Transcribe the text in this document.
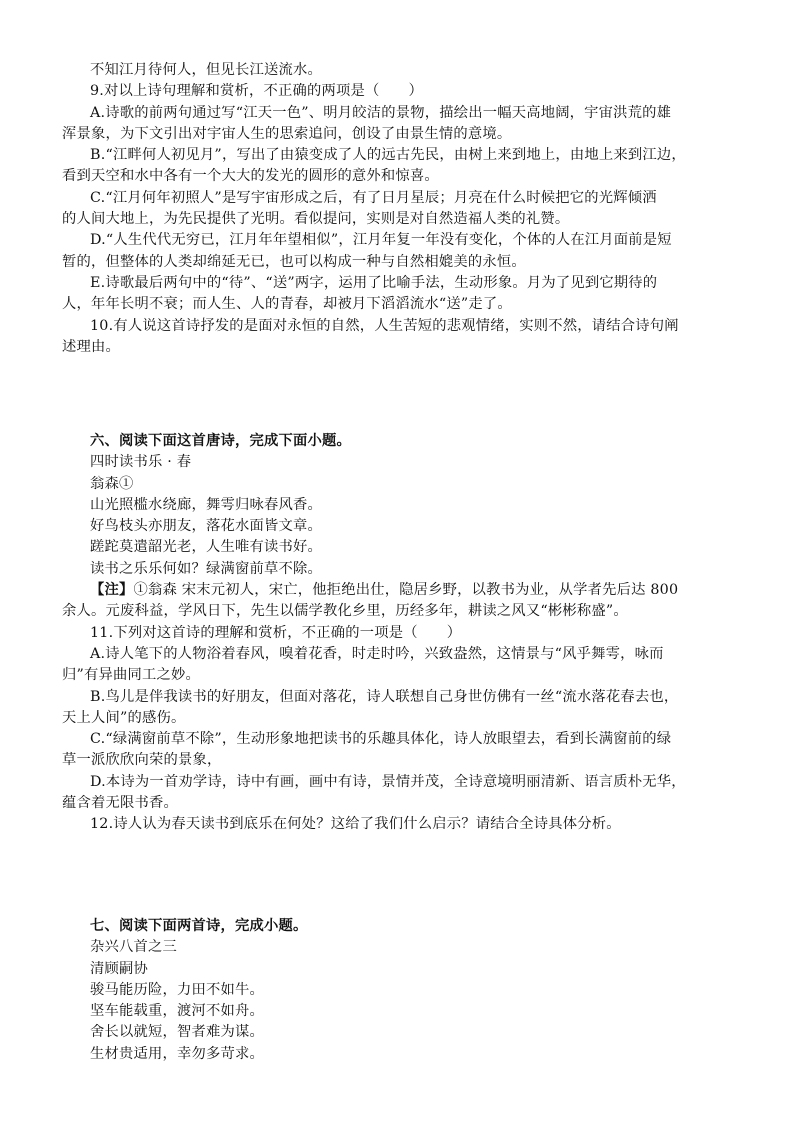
不知江月待何人，但见长江送流水。
9.对以上诗句理解和赏析，不正确的两项是（　　）
A.诗歌的前两句通过写“江天一色”、明月皎洁的景物，描绘出一幅天高地阔，宇宙洪荒的雄
浑景象，为下文引出对宇宙人生的思索追问，创设了由景生情的意境。
B.“江畔何人初见月”，写出了由猿变成了人的远古先民，由树上来到地上，由地上来到江边，
看到天空和水中各有一个大大的发光的圆形的意外和惊喜。
C.“江月何年初照人”是写宇宙形成之后，有了日月星辰；月亮在什么时候把它的光辉倾洒
的人间大地上，为先民提供了光明。看似提问，实则是对自然造福人类的礼赞。
D.“人生代代无穷已，江月年年望相似”，江月年复一年没有变化，个体的人在江月面前是短
暂的，但整体的人类却绵延无已，也可以构成一种与自然相媲美的永恒。
E.诗歌最后两句中的“待”、“送”两字，运用了比喻手法，生动形象。月为了见到它期待的
人，年年长明不衰；而人生、人的青春，却被月下滔滔流水“送”走了。
10.有人说这首诗抒发的是面对永恒的自然，人生苦短的悲观情绪，实则不然，请结合诗句阐
述理由。
六、阅读下面这首唐诗，完成下面小题。
四时读书乐 · 春
翁森①
山光照槛水绕廊，舞雩归咏春风香。
好鸟枝头亦朋友，落花水面皆文章。
蹉跎莫遣韶光老，人生唯有读书好。
读书之乐乐何如？绿满窗前草不除。
【注】①翁森 宋末元初人，宋亡，他拒绝出仕，隐居乡野，以教书为业，从学者先后达 800
余人。元废科益，学风日下，先生以儒学教化乡里，历经多年，耕读之风又“彬彬称盛”。
11.下列对这首诗的理解和赏析，不正确的一项是（　　）
A.诗人笔下的人物浴着春风，嗅着花香，时走时吟，兴致盎然，这情景与“风乎舞雩，咏而
归”有异曲同工之妙。
B.鸟儿是伴我读书的好朋友，但面对落花，诗人联想自己身世仿佛有一丝“流水落花春去也，
天上人间”的感伤。
C.“绿满窗前草不除”，生动形象地把读书的乐趣具体化，诗人放眼望去，看到长满窗前的绿
草一派欣欣向荣的景象，
D.本诗为一首劝学诗，诗中有画，画中有诗，景情并茂，全诗意境明丽清新、语言质朴无华，
蕴含着无限书香。
12.诗人认为春天读书到底乐在何处？这给了我们什么启示？请结合全诗具体分析。
七、阅读下面两首诗，完成小题。
杂兴八首之三
清顾嗣协
骏马能历险，力田不如牛。
坚车能载重，渡河不如舟。
舍长以就短，智者难为谋。
生材贵适用，幸勿多苛求。
